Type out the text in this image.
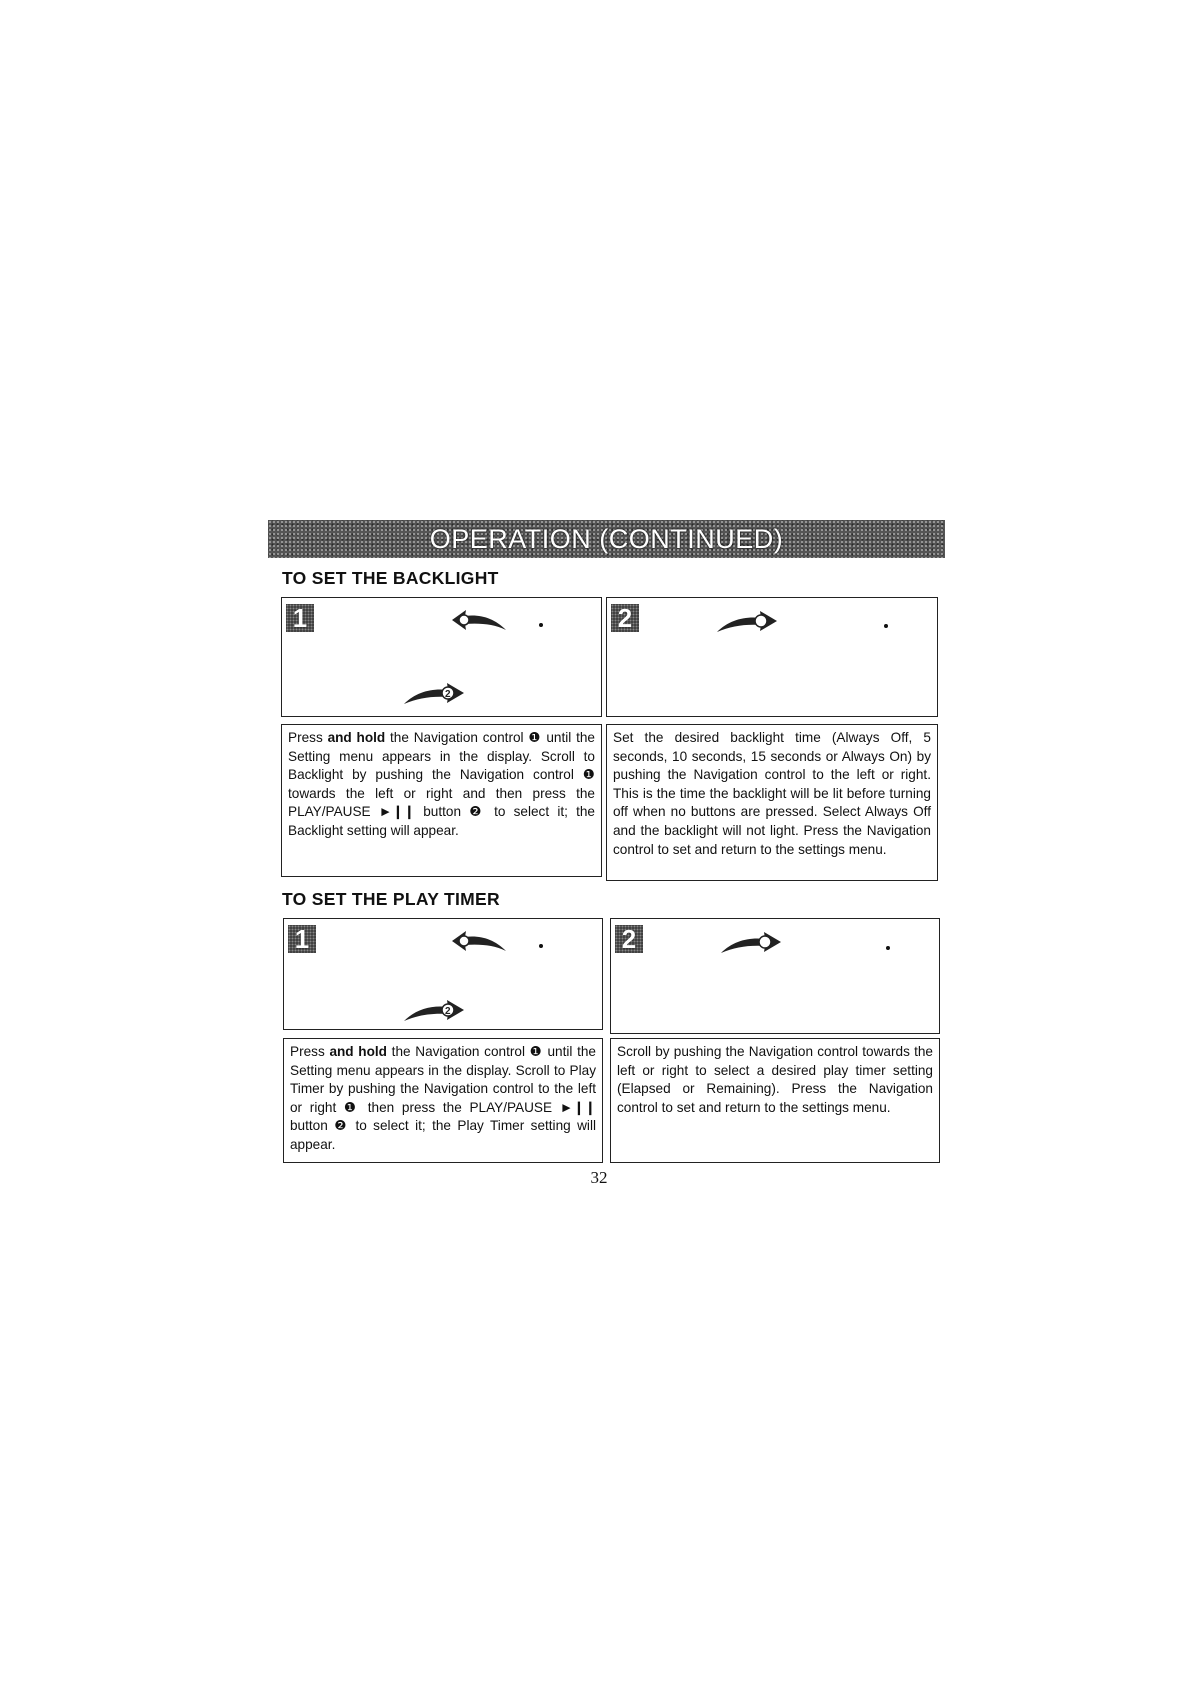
OPERATION (CONTINUED)
TO SET THE BACKLIGHT
1
2
2
Press and hold the Navigation control ❶ until the Setting menu appears in the display. Scroll to Backlight by pushing the Navigation control ❶ towards the left or right and then press the PLAY/PAUSE ►❙❙ button ❷ to select it; the Backlight setting will appear.
Set the desired backlight time (Always Off, 5 seconds, 10 seconds, 15 seconds or Always On) by pushing the Navigation control to the left or right. This is the time the backlight will be lit before turning off when no buttons are pressed. Select Always Off and the backlight will not light. Press the Navigation control to set and return to the settings menu.
TO SET THE PLAY TIMER
1
2
2
Press and hold the Navigation control ❶ until the Setting menu appears in the display. Scroll to Play Timer by pushing the Navigation control to the left or right ❶ then press the PLAY/PAUSE ►❙❙ button ❷ to select it; the Play Timer setting will appear.
Scroll by pushing the Navigation control towards the left or right to select a desired play timer setting (Elapsed or Remaining). Press the Navigation control to set and return to the settings menu.
32
